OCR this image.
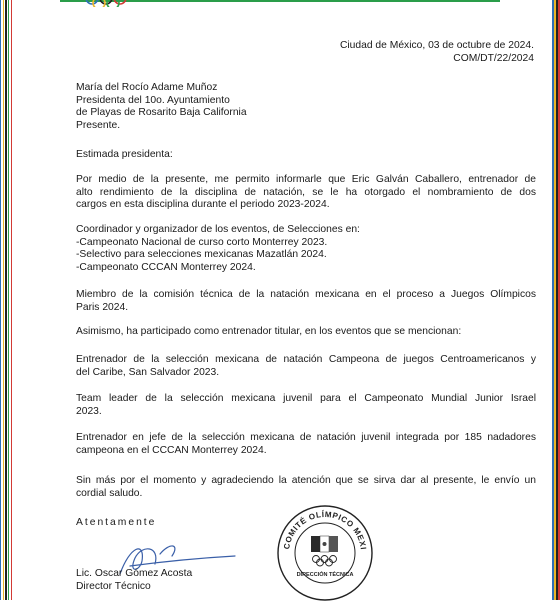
Ciudad de México, 03 de octubre de 2024.
COM/DT/22/2024
María del Rocío Adame Muñoz
Presidenta del 10o. Ayuntamiento
de Playas de Rosarito Baja California
Presente.
Estimada presidenta:
Por medio de la presente, me permito informarle que Eric Galván Caballero, entrenador de
alto rendimiento de la disciplina de natación, se le ha otorgado el nombramiento de dos
cargos en esta disciplina durante el periodo 2023-2024.
Coordinador y organizador de los eventos, de Selecciones en:
-Campeonato Nacional de curso corto Monterrey 2023.
-Selectivo para selecciones mexicanas Mazatlán 2024.
-Campeonato CCCAN Monterrey 2024.
Miembro de la comisión técnica de la natación mexicana en el proceso a Juegos Olímpicos
Paris 2024.
Asimismo, ha participado como entrenador titular, en los eventos que se mencionan:
Entrenador de la selección mexicana de natación Campeona de juegos Centroamericanos y
del Caribe, San Salvador 2023.
Team leader de la selección mexicana juvenil para el Campeonato Mundial Junior Israel
2023.
Entrenador en jefe de la selección mexicana de natación juvenil integrada por 185 nadadores
campeona en el CCCAN Monterrey 2024.
Sin más por el momento y agradeciendo la atención que se sirva dar al presente, le envío un
cordial saludo.
Atentamente
Lic. Oscar Gómez Acosta
Director Técnico
COMITÉ OLÍMPICO MEXI
DIRECCIÓN TÉCNICA
